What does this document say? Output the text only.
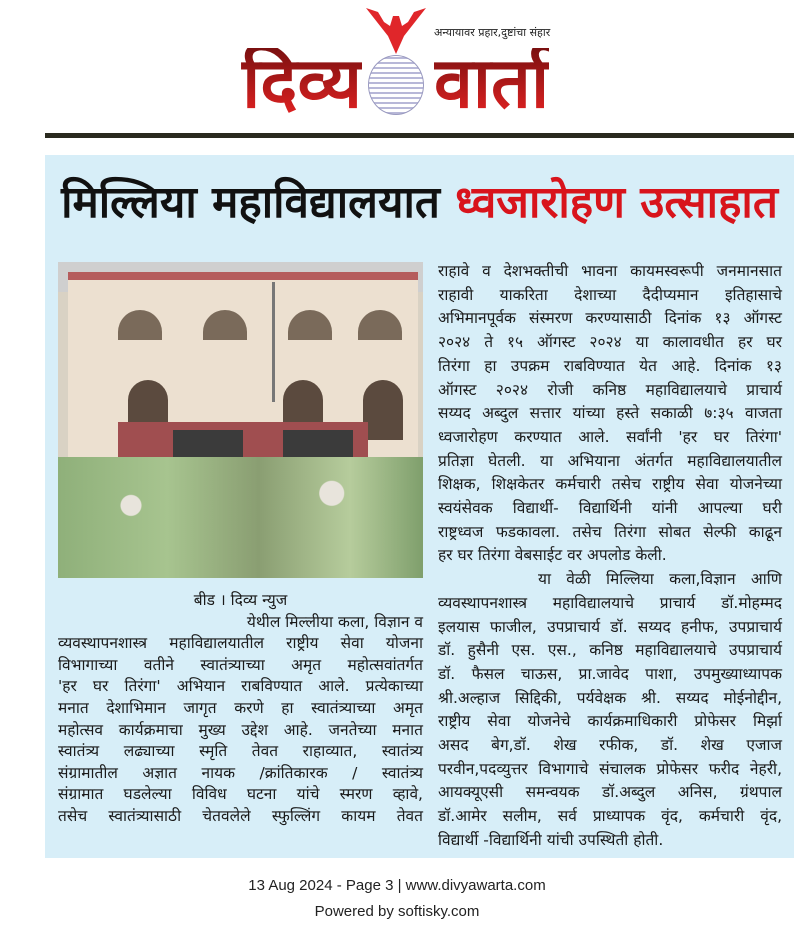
दिव्य वार्ता
अन्यायावर प्रहार,दुष्टांचा संहार
मिल्लिया महाविद्यालयात ध्वजारोहण उत्साहात
बीड । दिव्य न्युज
येथील मिल्लीया कला, विज्ञान व
व्यवस्थापनशास्त्र महाविद्यालयातील राष्ट्रीय सेवा योजना
विभागाच्या वतीने स्वातंत्र्याच्या अमृत महोत्सवांतर्गत
'हर घर तिरंगा' अभियान राबविण्यात आले. प्रत्येकाच्या
मनात देशाभिमान जागृत करणे हा स्वातंत्र्याच्या अमृत
महोत्सव कार्यक्रमाचा मुख्य उद्देश आहे. जनतेच्या मनात
स्वातंत्र्य लढ्याच्या स्मृति तेवत राहाव्यात, स्वातंत्र्य
संग्रामातील अज्ञात नायक /क्रांतिकारक / स्वातंत्र्य
संग्रामात घडलेल्या विविध घटना यांचे स्मरण व्हावे,
तसेच स्वातंत्र्यासाठी चेतवलेले स्फुल्लिंग कायम तेवत
राहावे व देशभक्तीची भावना कायमस्वरूपी जनमानसात
राहावी याकरिता देशाच्या दैदीप्यमान इतिहासाचे
अभिमानपूर्वक संस्मरण करण्यासाठी दिनांक १३ ऑगस्ट
२०२४ ते १५ ऑगस्ट २०२४ या कालावधीत हर घर
तिरंगा हा उपक्रम राबविण्यात येत आहे. दिनांक १३
ऑगस्ट २०२४ रोजी कनिष्ठ महाविद्यालयाचे प्राचार्य
सय्यद अब्दुल सत्तार यांच्या हस्ते सकाळी ७:३५ वाजता
ध्वजारोहण करण्यात आले. सर्वांनी 'हर घर तिरंगा'
प्रतिज्ञा घेतली. या अभियाना अंतर्गत महाविद्यालयातील
शिक्षक, शिक्षकेतर कर्मचारी तसेच राष्ट्रीय सेवा योजनेच्या
स्वयंसेवक विद्यार्थी- विद्यार्थिनी यांनी आपल्या घरी
राष्ट्रध्वज फडकावला. तसेच तिरंगा सोबत सेल्फी काढून
हर घर तिरंगा वेबसाईट वर अपलोड केली.
या वेळी मिल्लिया कला,विज्ञान आणि
व्यवस्थापनशास्त्र महाविद्यालयाचे प्राचार्य डॉ.मोहम्मद
इलयास फाजील, उपप्राचार्य डॉ. सय्यद हनीफ, उपप्राचार्य
डॉ. हुसैनी एस. एस., कनिष्ठ महाविद्यालयाचे उपप्राचार्य
डॉ. फैसल चाऊस, प्रा.जावेद पाशा, उपमुख्याध्यापक
श्री.अल्हाज सिद्दिकी, पर्यवेक्षक श्री. सय्यद मोईनोद्दीन,
राष्ट्रीय सेवा योजनेचे कार्यक्रमाधिकारी प्रोफेसर मिर्झा
असद बेग,डॉ. शेख रफीक, डॉ. शेख एजाज
परवीन,पदव्युत्तर विभागाचे संचालक प्रोफेसर फरीद नेहरी,
आयक्यूएसी समन्वयक डॉ.अब्दुल अनिस, ग्रंथपाल
डॉ.आमेर सलीम, सर्व प्राध्यापक वृंद, कर्मचारी वृंद,
विद्यार्थी -विद्यार्थिनी यांची उपस्थिती होती.
13 Aug 2024 - Page 3 | www.divyawarta.com
Powered by softisky.com
